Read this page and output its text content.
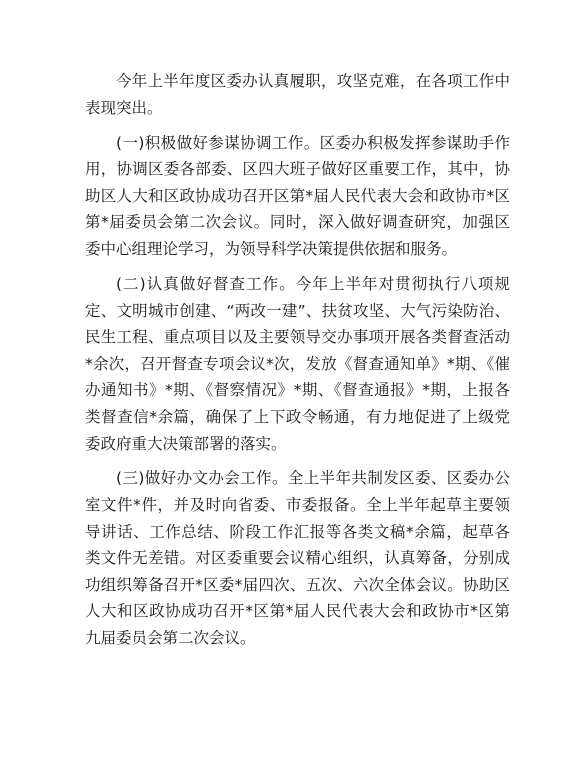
今年上半年度区委办认真履职，攻坚克难，在各项工作中表现突出。

(一)积极做好参谋协调工作。区委办积极发挥参谋助手作用，协调区委各部委、区四大班子做好区重要工作，其中，协助区人大和区政协成功召开区第*届人民代表大会和政协市*区第*届委员会第二次会议。同时，深入做好调查研究，加强区委中心组理论学习，为领导科学决策提供依据和服务。

(二)认真做好督查工作。今年上半年对贯彻执行八项规定、文明城市创建、“两改一建”、扶贫攻坚、大气污染防治、民生工程、重点项目以及主要领导交办事项开展各类督查活动*余次，召开督查专项会议*次，发放《督查通知单》*期、《催办通知书》*期、《督察情况》*期、《督查通报》*期，上报各类督查信*余篇，确保了上下政令畅通，有力地促进了上级党委政府重大决策部署的落实。

(三)做好办文办会工作。全上半年共制发区委、区委办公室文件*件，并及时向省委、市委报备。全上半年起草主要领导讲话、工作总结、阶段工作汇报等各类文稿*余篇，起草各类文件无差错。对区委重要会议精心组织，认真筹备，分别成功组织筹备召开*区委*届四次、五次、六次全体会议。协助区人大和区政协成功召开*区第*届人民代表大会和政协市*区第九届委员会第二次会议。
